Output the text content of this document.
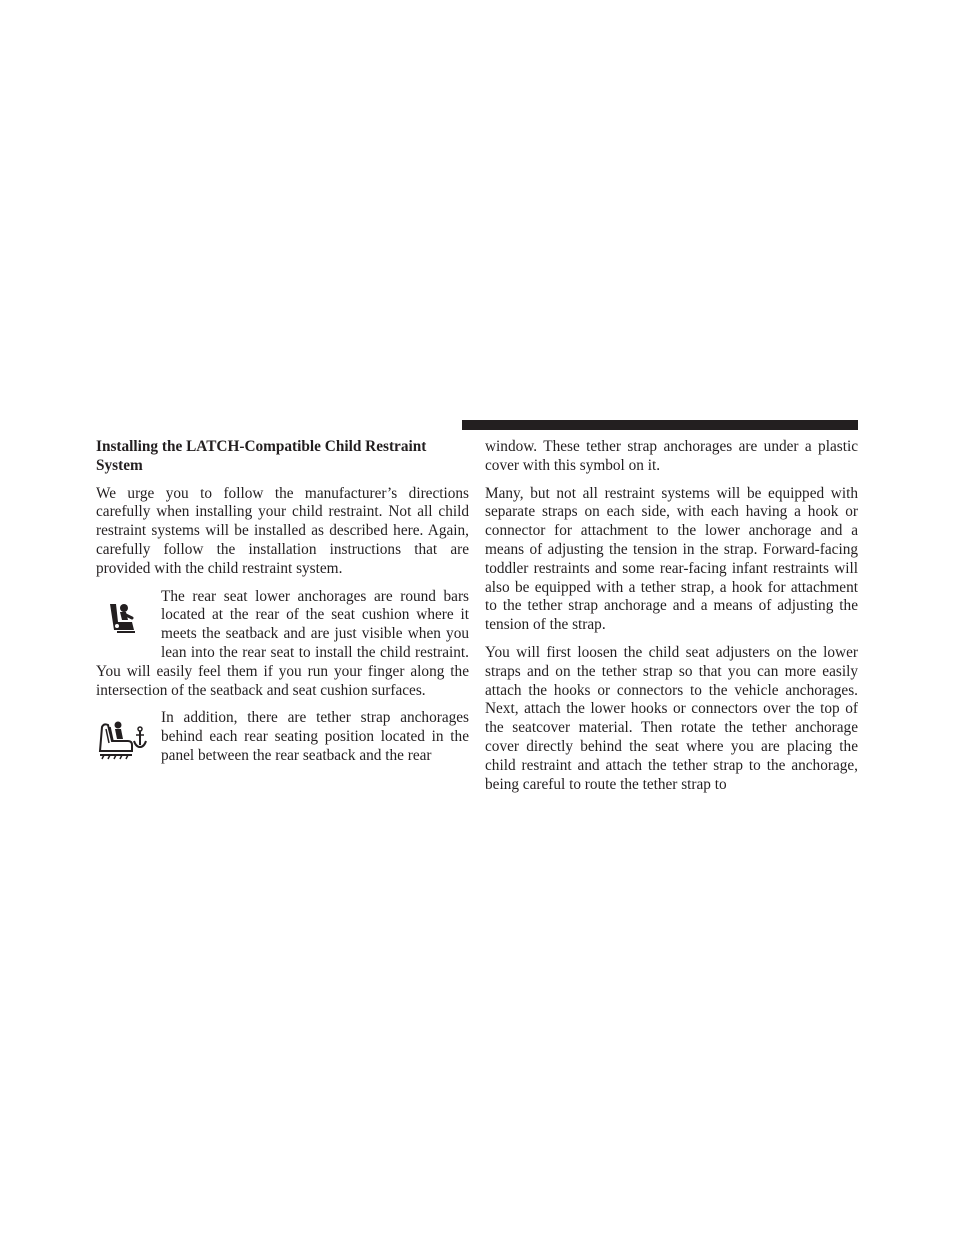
Installing the LATCH-Compatible Child Restraint System

We urge you to follow the manufacturer’s directions carefully when installing your child restraint. Not all child restraint systems will be installed as described here. Again, carefully follow the installation instructions that are provided with the child restraint system.

The rear seat lower anchorages are round bars located at the rear of the seat cushion where it meets the seatback and are just visible when you lean into the rear seat to install the child restraint. You will easily feel them if you run your finger along the intersection of the seatback and seat cushion surfaces.

In addition, there are tether strap anchorages behind each rear seating position located in the panel between the rear seatback and the rear

window. These tether strap anchorages are under a plastic cover with this symbol on it.

Many, but not all restraint systems will be equipped with separate straps on each side, with each having a hook or connector for attachment to the lower anchorage and a means of adjusting the tension in the strap. Forward-facing toddler restraints and some rear-facing infant restraints will also be equipped with a tether strap, a hook for attachment to the tether strap anchorage and a means of adjusting the tension of the strap.

You will first loosen the child seat adjusters on the lower straps and on the tether strap so that you can more easily attach the hooks or connectors to the vehicle anchorages. Next, attach the lower hooks or connectors over the top of the seatcover material. Then rotate the tether anchorage cover directly behind the seat where you are placing the child restraint and attach the tether strap to the anchorage, being careful to route the tether strap to
